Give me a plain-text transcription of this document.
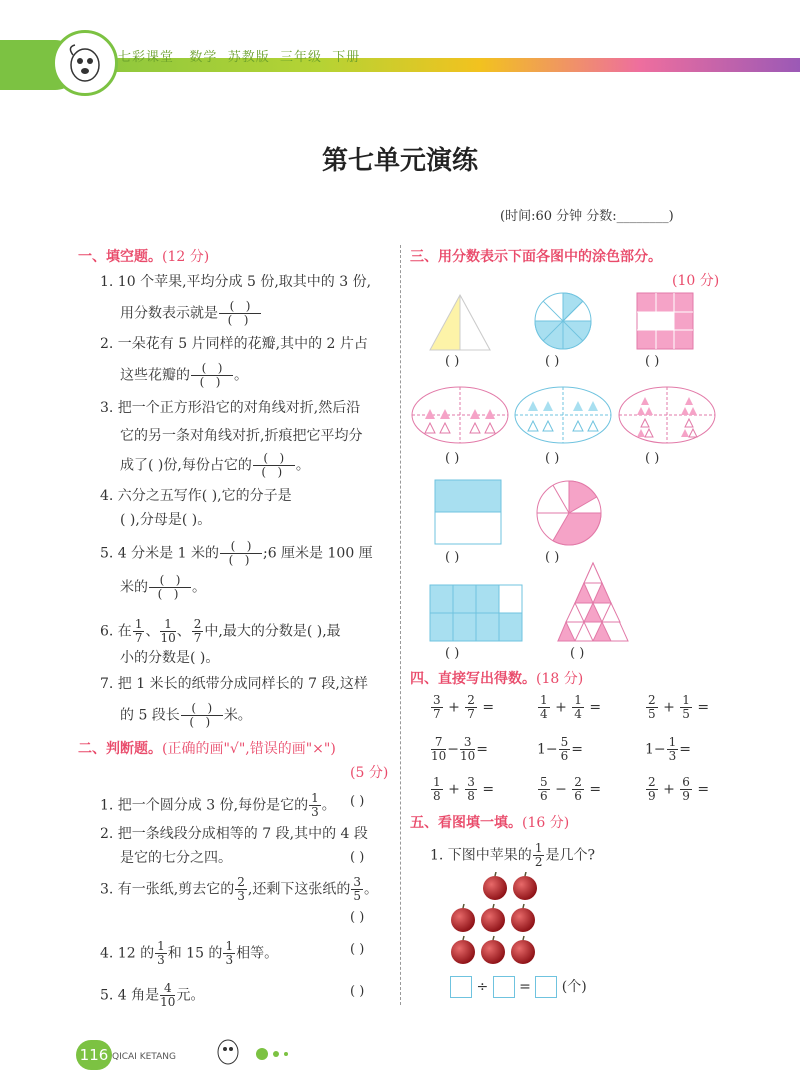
七彩课堂 数学 苏教版 三年级 下册
第七单元演练
(时间:60 分钟 分数:________)
一、填空题。(12 分)
1. 10 个苹果,平均分成 5 份,取其中的 3 份,
用分数表示就是 $\frac{( )}{( )}$
2. 一朵花有 5 片同样的花瓣,其中的 2 片占
这些花瓣的 $\frac{( )}{( )}$ 。
3. 把一个正方形沿它的对角线对折,然后沿
它的另一条对角线对折,折痕把它平均分
成了( )份,每份占它的 $\frac{( )}{( )}$ 。
4. 六分之五写作( ),它的分子是
( ),分母是( )。
5. 4 分米是 1 米的 $\frac{( )}{( )}$ ;6 厘米是 100 厘
米的 $\frac{( )}{( )}$ 。
6. 在 $\frac{1}{7}$ 、 $\frac{1}{10}$ 、 $\frac{2}{7}$ 中,最大的分数是( ),最
小的分数是( )。
7. 把 1 米长的纸带分成同样长的 7 段,这样
的 5 段长 $\frac{( )}{( )}$ 米。
二、判断题。(正确的画"√",错误的画"×")
(5 分)
1. 把一个圆分成 3 份,每份是它的 $\frac{1}{3}$ 。 ( )
2. 把一条线段分成相等的 7 段,其中的 4 段
是它的七分之四。	( )
3. 有一张纸,剪去它的 $\frac{2}{3}$ ,还剩下这张纸的 $\frac{3}{5}$ 。
( )
4. 12 的 $\frac{1}{3}$ 和 15 的 $\frac{1}{3}$ 相等。	( )
5. 4 角是 $\frac{4}{10}$ 元。	( )
三、用分数表示下面各图中的涂色部分。
(10 分)
( )	( )	( )
( )	( )	( )
( )	( )
( )	( )
四、直接写出得数。(18 分)
$\frac{3}{7} + \frac{2}{7}$ =	$\frac{1}{4} + \frac{1}{4}$ =	$\frac{2}{5} + \frac{1}{5}$ =
$\frac{7}{10} - \frac{3}{10}$ =	$1- \frac{5}{6}$ =	$1- \frac{1}{3}$ =
$\frac{1}{8} + \frac{3}{8}$ =	$\frac{5}{6} - \frac{2}{6}$ =	$\frac{2}{9} + \frac{6}{9}$ =
五、看图填一填。(16 分)
1. 下图中苹果的 $\frac{1}{2}$ 是几个?
÷ = (个)
116 QICAI KETANG
